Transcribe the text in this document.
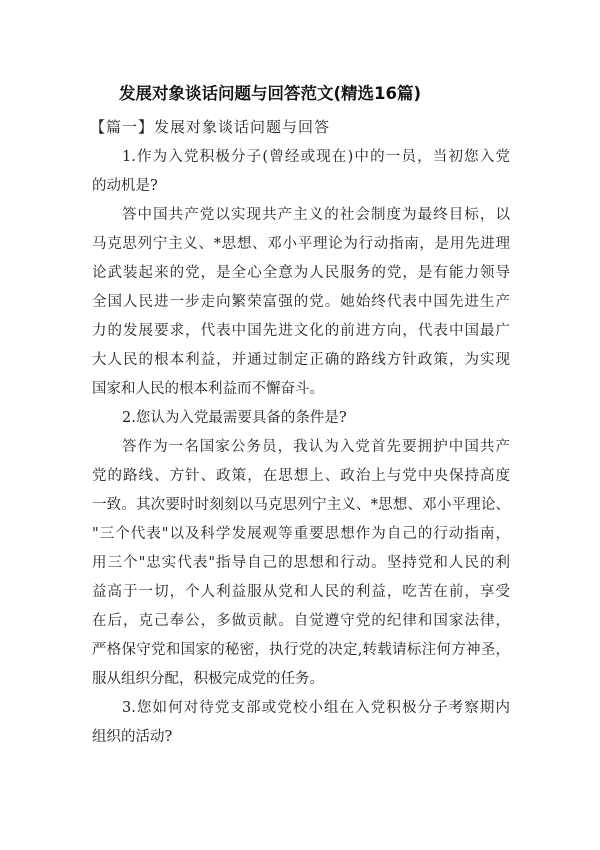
发展对象谈话问题与回答范文(精选16篇)
【篇一】发展对象谈话问题与回答
1.作为入党积极分子(曾经或现在)中的一员，当初您入党
的动机是?
答中国共产党以实现共产主义的社会制度为最终目标，以
马克思列宁主义、*思想、邓小平理论为行动指南，是用先进理
论武装起来的党，是全心全意为人民服务的党，是有能力领导
全国人民进一步走向繁荣富强的党。她始终代表中国先进生产
力的发展要求，代表中国先进文化的前进方向，代表中国最广
大人民的根本利益，并通过制定正确的路线方针政策，为实现
国家和人民的根本利益而不懈奋斗。
2.您认为入党最需要具备的条件是?
答作为一名国家公务员，我认为入党首先要拥护中国共产
党的路线、方针、政策，在思想上、政治上与党中央保持高度
一致。其次要时时刻刻以马克思列宁主义、*思想、邓小平理论、
"三个代表"以及科学发展观等重要思想作为自己的行动指南，
用三个"忠实代表"指导自己的思想和行动。坚持党和人民的利
益高于一切，个人利益服从党和人民的利益，吃苦在前，享受
在后，克己奉公，多做贡献。自觉遵守党的纪律和国家法律，
严格保守党和国家的秘密，执行党的决定,转载请标注何方神圣，
服从组织分配，积极完成党的任务。
3.您如何对待党支部或党校小组在入党积极分子考察期内
组织的活动?
